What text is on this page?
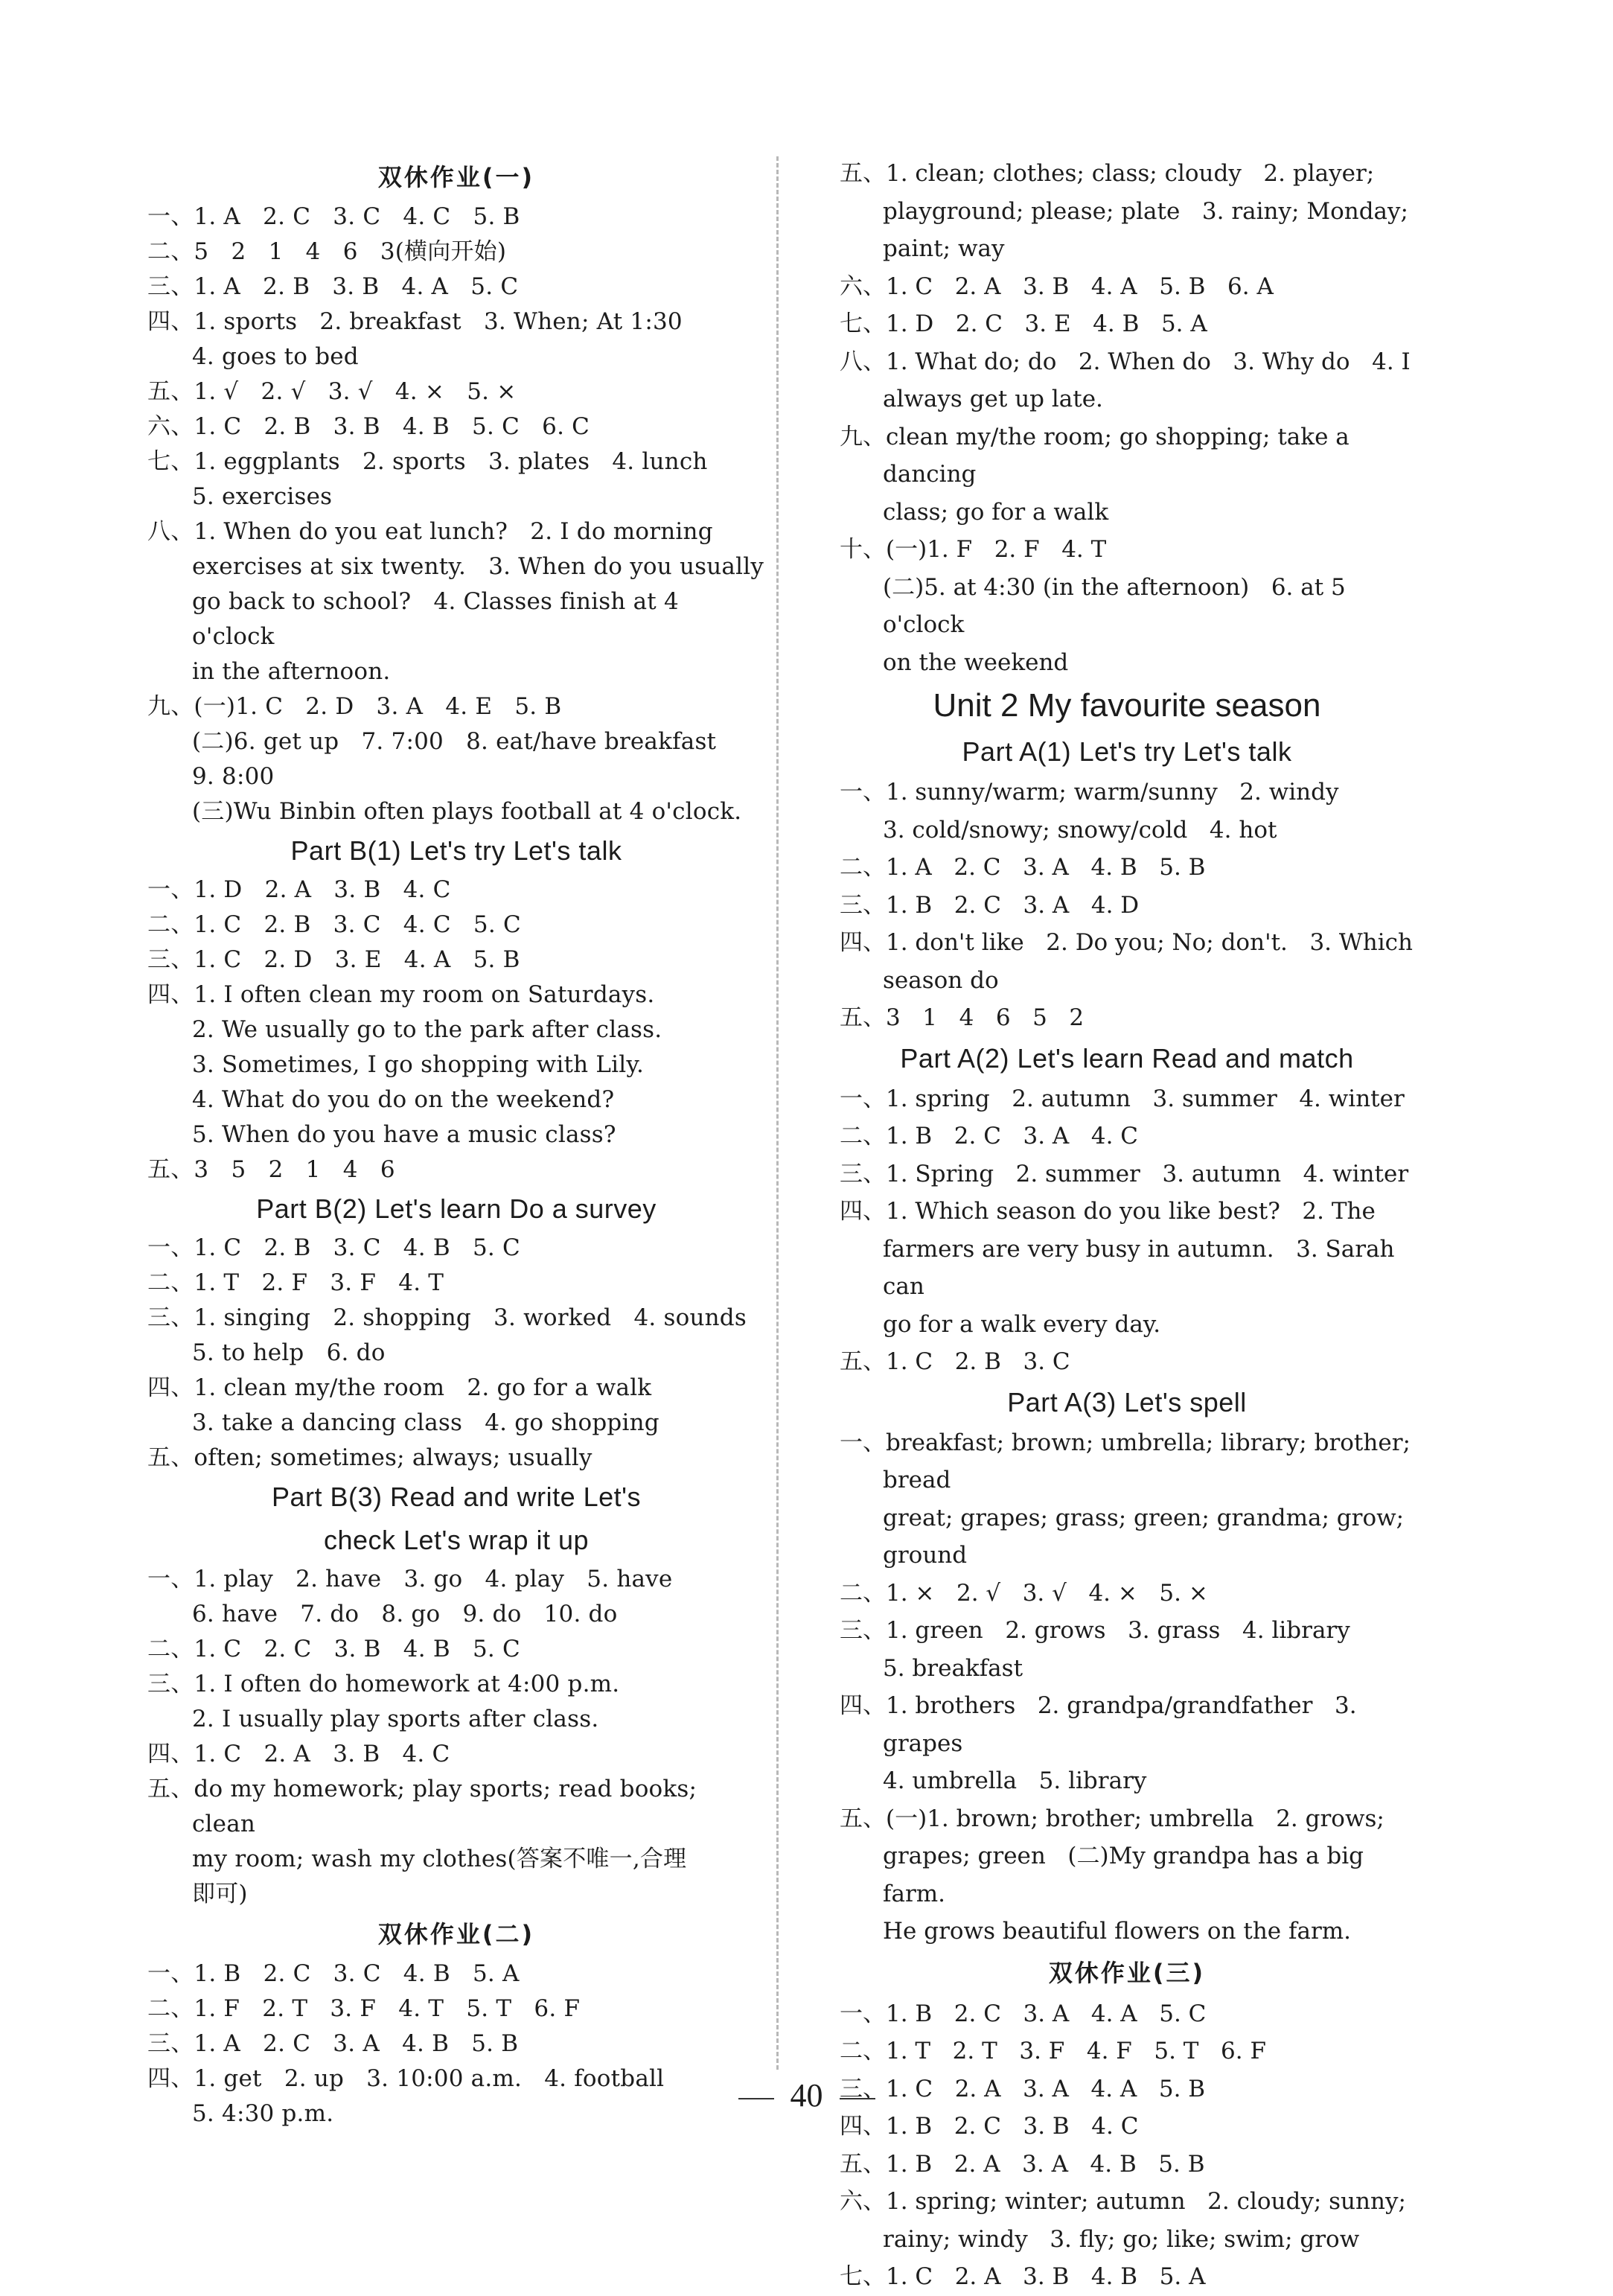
双休作业(一)
一、1. A   2. C   3. C   4. C   5. B
二、5   2   1   4   6   3(横向开始)
三、1. A   2. B   3. B   4. A   5. C
四、1. sports   2. breakfast   3. When; At 1:30
4. goes to bed
五、1. √   2. √   3. √   4. ×   5. ×
六、1. C   2. B   3. B   4. B   5. C   6. C
七、1. eggplants   2. sports   3. plates   4. lunch
5. exercises
八、1. When do you eat lunch?   2. I do morning
exercises at six twenty.   3. When do you usually
go back to school?   4. Classes finish at 4 o'clock
in the afternoon.
九、(一)1. C   2. D   3. A   4. E   5. B
(二)6. get up   7. 7:00   8. eat/have breakfast
9. 8:00
(三)Wu Binbin often plays football at 4 o'clock.
Part B(1) Let's try Let's talk
一、1. D   2. A   3. B   4. C
二、1. C   2. B   3. C   4. C   5. C
三、1. C   2. D   3. E   4. A   5. B
四、1. I often clean my room on Saturdays.
2. We usually go to the park after class.
3. Sometimes, I go shopping with Lily.
4. What do you do on the weekend?
5. When do you have a music class?
五、3   5   2   1   4   6
Part B(2) Let's learn Do a survey
一、1. C   2. B   3. C   4. B   5. C
二、1. T   2. F   3. F   4. T
三、1. singing   2. shopping   3. worked   4. sounds
5. to help   6. do
四、1. clean my/the room   2. go for a walk
3. take a dancing class   4. go shopping
五、often; sometimes; always; usually
Part B(3) Read and write Let's
check Let's wrap it up
一、1. play   2. have   3. go   4. play   5. have
6. have   7. do   8. go   9. do   10. do
二、1. C   2. C   3. B   4. B   5. C
三、1. I often do homework at 4:00 p.m.
2. I usually play sports after class.
四、1. C   2. A   3. B   4. C
五、do my homework; play sports; read books; clean
my room; wash my clothes(答案不唯一,合理
即可)
双休作业(二)
一、1. B   2. C   3. C   4. B   5. A
二、1. F   2. T   3. F   4. T   5. T   6. F
三、1. A   2. C   3. A   4. B   5. B
四、1. get   2. up   3. 10:00 a.m.   4. football
5. 4:30 p.m.
五、1. clean; clothes; class; cloudy   2. player;
playground; please; plate   3. rainy; Monday;
paint; way
六、1. C   2. A   3. B   4. A   5. B   6. A
七、1. D   2. C   3. E   4. B   5. A
八、1. What do; do   2. When do   3. Why do   4. I
always get up late.
九、clean my/the room; go shopping; take a dancing
class; go for a walk
十、(一)1. F   2. F   4. T
(二)5. at 4:30 (in the afternoon)   6. at 5 o'clock
on the weekend
Unit 2 My favourite season
Part A(1) Let's try Let's talk
一、1. sunny/warm; warm/sunny   2. windy
3. cold/snowy; snowy/cold   4. hot
二、1. A   2. C   3. A   4. B   5. B
三、1. B   2. C   3. A   4. D
四、1. don't like   2. Do you; No; don't.   3. Which
season do
五、3   1   4   6   5   2
Part A(2) Let's learn Read and match
一、1. spring   2. autumn   3. summer   4. winter
二、1. B   2. C   3. A   4. C
三、1. Spring   2. summer   3. autumn   4. winter
四、1. Which season do you like best?   2. The
farmers are very busy in autumn.   3. Sarah can
go for a walk every day.
五、1. C   2. B   3. C
Part A(3) Let's spell
一、breakfast; brown; umbrella; library; brother; bread
great; grapes; grass; green; grandma; grow; ground
二、1. ×   2. √   3. √   4. ×   5. ×
三、1. green   2. grows   3. grass   4. library
5. breakfast
四、1. brothers   2. grandpa/grandfather   3. grapes
4. umbrella   5. library
五、(一)1. brown; brother; umbrella   2. grows;
grapes; green   (二)My grandpa has a big farm.
He grows beautiful flowers on the farm.
双休作业(三)
一、1. B   2. C   3. A   4. A   5. C
二、1. T   2. T   3. F   4. F   5. T   6. F
三、1. C   2. A   3. A   4. A   5. B
四、1. B   2. C   3. B   4. C
五、1. B   2. A   3. A   4. B   5. B
六、1. spring; winter; autumn   2. cloudy; sunny;
rainy; windy   3. fly; go; like; swim; grow
七、1. C   2. A   3. B   4. B   5. A
40
